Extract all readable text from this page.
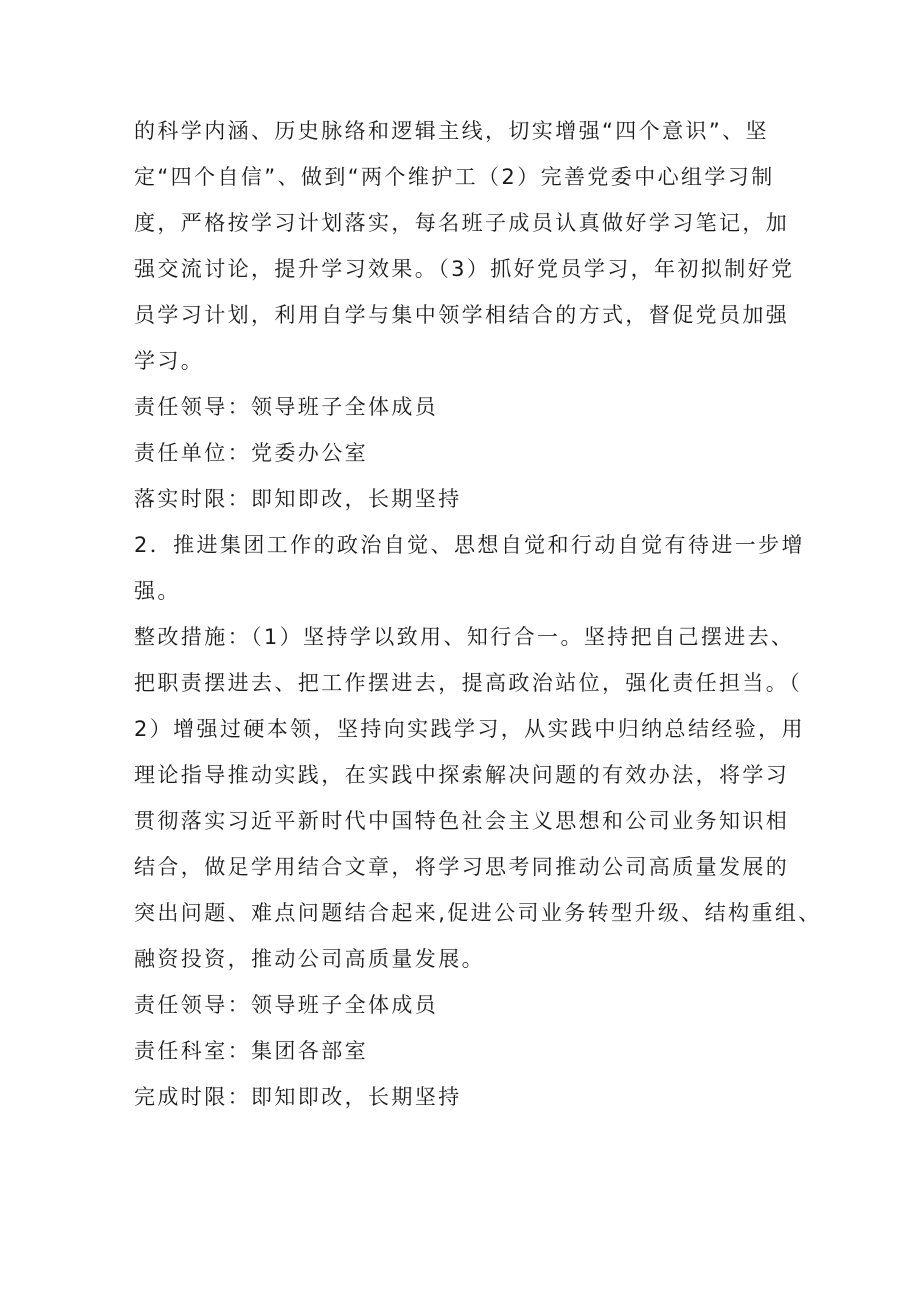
的科学内涵、历史脉络和逻辑主线，切实增强“四个意识”、坚
定“四个自信”、做到“两个维护工（2）完善党委中心组学习制
度，严格按学习计划落实，每名班子成员认真做好学习笔记，加
强交流讨论，提升学习效果。（3）抓好党员学习，年初拟制好党
员学习计划，利用自学与集中领学相结合的方式，督促党员加强
学习。
责任领导：领导班子全体成员
责任单位：党委办公室
落实时限：即知即改，长期坚持
2．推进集团工作的政治自觉、思想自觉和行动自觉有待进一步增
强。
整改措施：（1）坚持学以致用、知行合一。坚持把自己摆进去、
把职责摆进去、把工作摆进去，提高政治站位，强化责任担当。（
2）增强过硬本领，坚持向实践学习，从实践中归纳总结经验，用
理论指导推动实践，在实践中探索解决问题的有效办法，将学习
贯彻落实习近平新时代中国特色社会主义思想和公司业务知识相
结合，做足学用结合文章，将学习思考同推动公司高质量发展的
突出问题、难点问题结合起来,促进公司业务转型升级、结构重组、
融资投资，推动公司高质量发展。
责任领导：领导班子全体成员
责任科室：集团各部室
完成时限：即知即改，长期坚持
